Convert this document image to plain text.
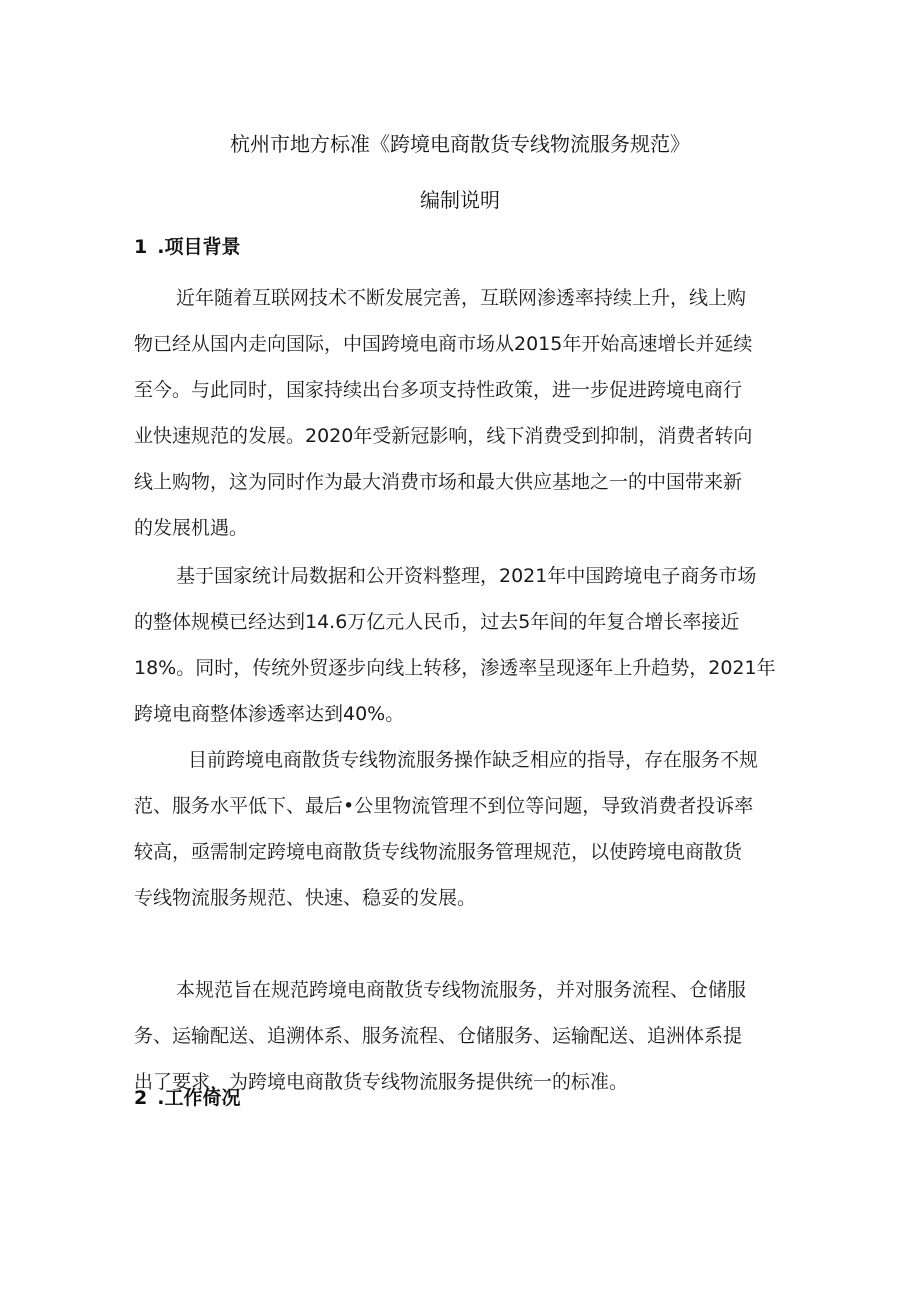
杭州市地方标准《跨境电商散货专线物流服务规范》
编制说明
1 .项目背景
近年随着互联网技术不断发展完善，互联网渗透率持续上升，线上购
物已经从国内走向国际，中国跨境电商市场从2015年开始高速增长并延续
至今。与此同时，国家持续出台多项支持性政策，进一步促进跨境电商行
业快速规范的发展。2020年受新冠影响，线下消费受到抑制，消费者转向
线上购物，这为同时作为最大消费市场和最大供应基地之一的中国带来新
的发展机遇。
基于国家统计局数据和公开资料整理，2021年中国跨境电子商务市场
的整体规模已经达到14.6万亿元人民币，过去5年间的年复合增长率接近
18%。同时，传统外贸逐步向线上转移，渗透率呈现逐年上升趋势，2021年
跨境电商整体渗透率达到40%。
目前跨境电商散货专线物流服务操作缺乏相应的指导，存在服务不规
范、服务水平低下、最后•公里物流管理不到位等问题，导致消费者投诉率
较高，亟需制定跨境电商散货专线物流服务管理规范，以使跨境电商散货
专线物流服务规范、快速、稳妥的发展。
本规范旨在规范跨境电商散货专线物流服务，并对服务流程、仓储服
务、运输配送、追溯体系、服务流程、仓储服务、运输配送、追洲体系提
出了要求，为跨境电商散货专线物流服务提供统一的标准。
2 .工作倚况
